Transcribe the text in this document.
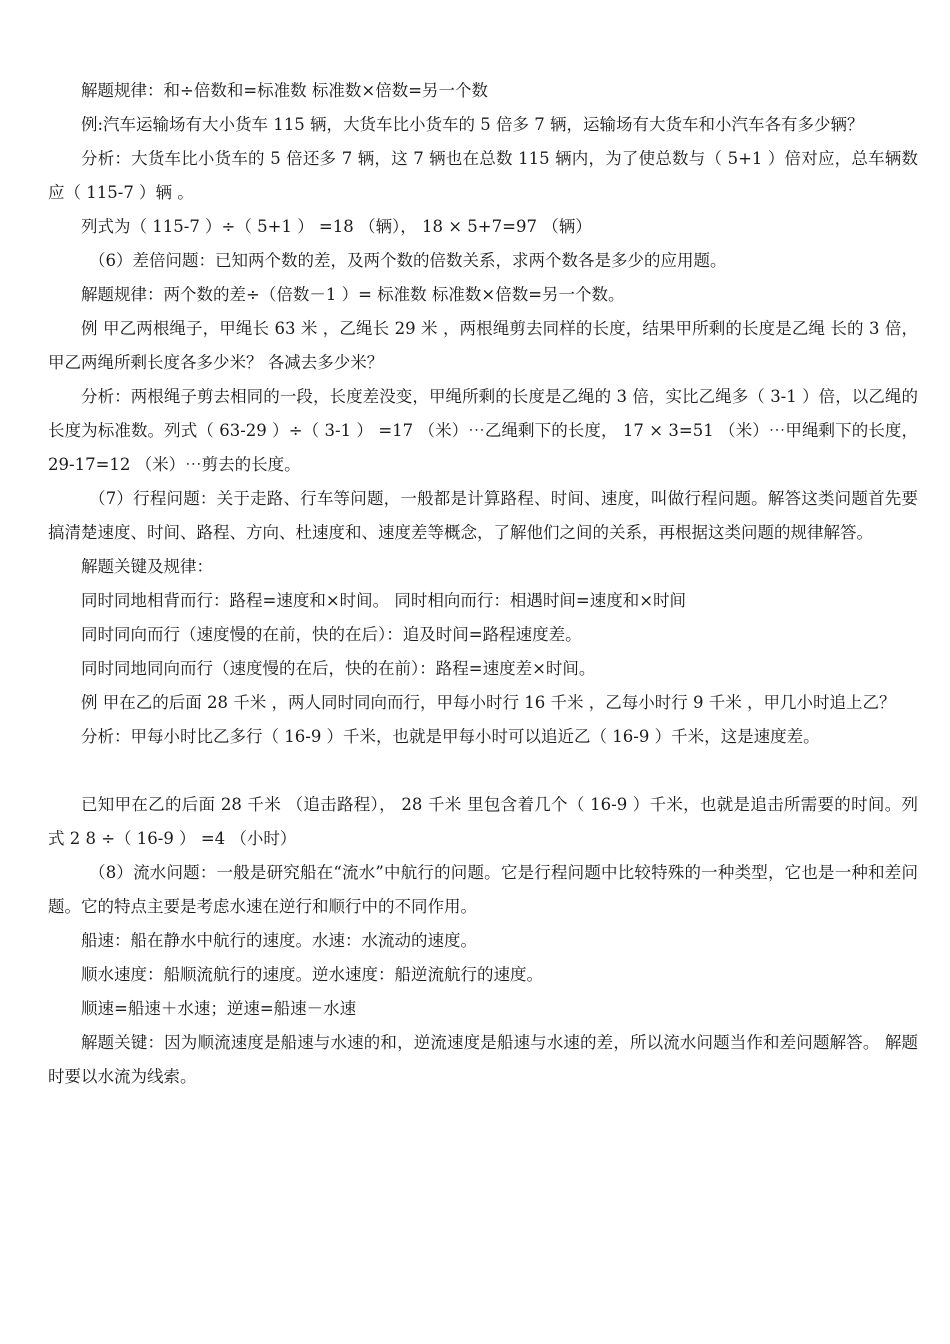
解题规律：和÷倍数和=标准数 标准数×倍数=另一个数

例:汽车运输场有大小货车 115 辆，大货车比小货车的 5 倍多 7 辆，运输场有大货车和小汽车各有多少辆？

分析：大货车比小货车的 5 倍还多 7 辆，这 7 辆也在总数 115 辆内，为了使总数与（ 5+1 ）倍对应，总车辆数应（ 115-7 ）辆 。

列式为（ 115-7 ）÷（ 5+1 ） =18 （辆）， 18 × 5+7=97 （辆）

（6）差倍问题：已知两个数的差，及两个数的倍数关系，求两个数各是多少的应用题。

解题规律：两个数的差÷（倍数－1 ）= 标准数 标准数×倍数=另一个数。

例 甲乙两根绳子，甲绳长 63 米 ，乙绳长 29 米 ，两根绳剪去同样的长度，结果甲所剩的长度是乙绳 长的 3 倍，甲乙两绳所剩长度各多少米？ 各减去多少米？

分析：两根绳子剪去相同的一段，长度差没变，甲绳所剩的长度是乙绳的 3 倍，实比乙绳多（ 3-1 ）倍，以乙绳的长度为标准数。列式（ 63-29 ）÷（ 3-1 ） =17 （米）⋯乙绳剩下的长度， 17 × 3=51 （米）⋯甲绳剩下的长度， 29-17=12 （米）⋯剪去的长度。

（7）行程问题：关于走路、行车等问题，一般都是计算路程、时间、速度，叫做行程问题。解答这类问题首先要搞清楚速度、时间、路程、方向、杜速度和、速度差等概念，了解他们之间的关系，再根据这类问题的规律解答。

解题关键及规律：

同时同地相背而行：路程=速度和×时间。 同时相向而行：相遇时间=速度和×时间

同时同向而行（速度慢的在前，快的在后）：追及时间=路程速度差。

同时同地同向而行（速度慢的在后，快的在前）：路程=速度差×时间。

例 甲在乙的后面 28 千米 ，两人同时同向而行，甲每小时行 16 千米 ，乙每小时行 9 千米 ，甲几小时追上乙？

分析：甲每小时比乙多行（ 16-9 ）千米，也就是甲每小时可以追近乙（ 16-9 ）千米，这是速度差。

已知甲在乙的后面 28 千米 （追击路程）， 28 千米 里包含着几个（ 16-9 ）千米，也就是追击所需要的时间。列式 2 8 ÷（ 16-9 ） =4 （小时）

（8）流水问题：一般是研究船在“流水”中航行的问题。它是行程问题中比较特殊的一种类型，它也是一种和差问题。它的特点主要是考虑水速在逆行和顺行中的不同作用。

船速：船在静水中航行的速度。水速：水流动的速度。

顺水速度：船顺流航行的速度。逆水速度：船逆流航行的速度。

顺速=船速＋水速；逆速=船速－水速

解题关键：因为顺流速度是船速与水速的和，逆流速度是船速与水速的差，所以流水问题当作和差问题解答。 解题时要以水流为线索。
